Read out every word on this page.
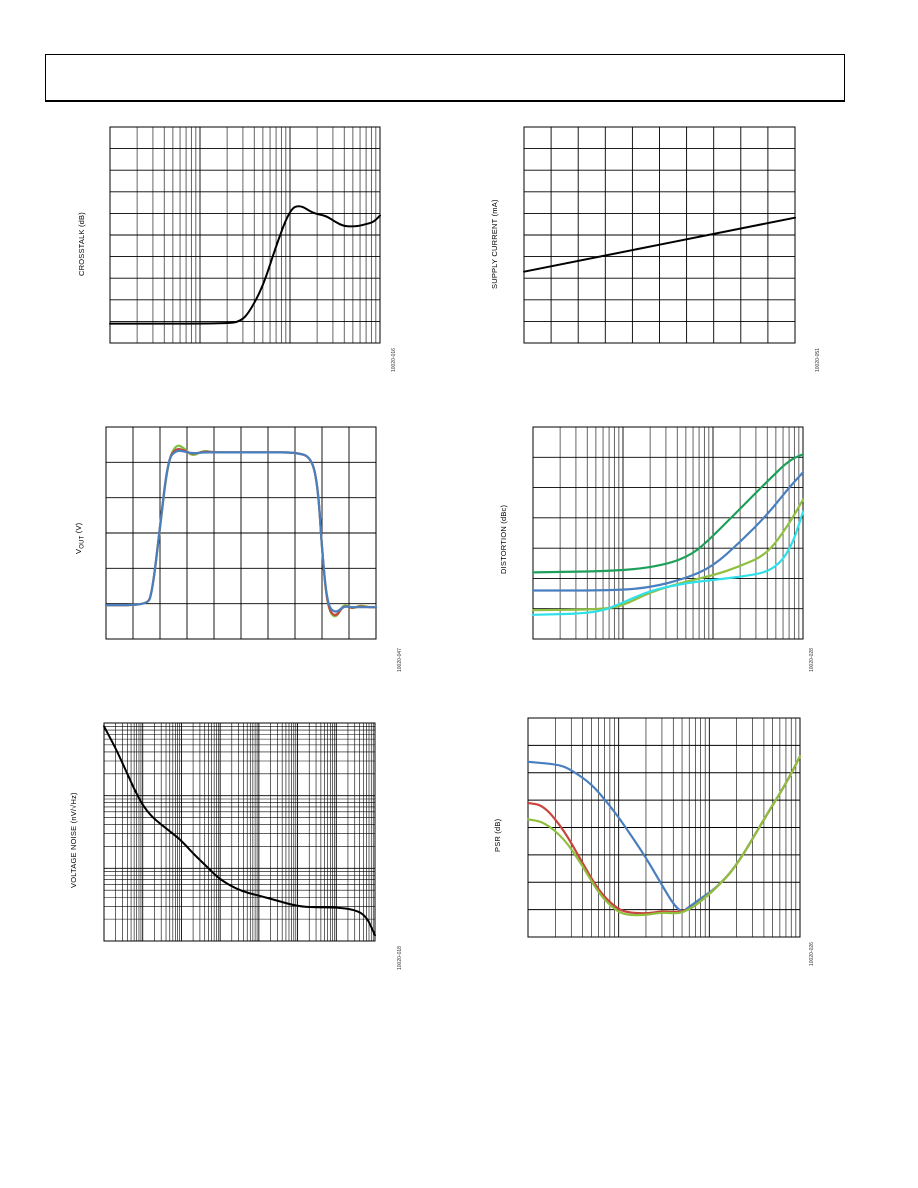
CROSSTALK (dB)
10020-016
SUPPLY CURRENT (mA)
10020-051
$V_{OUT}$ (V)
10020-047
DISTORTION (dBc)
10020-028
VOLTAGE NOISE (nV/√Hz)
10020-018
PSR (dB)
10020-026
